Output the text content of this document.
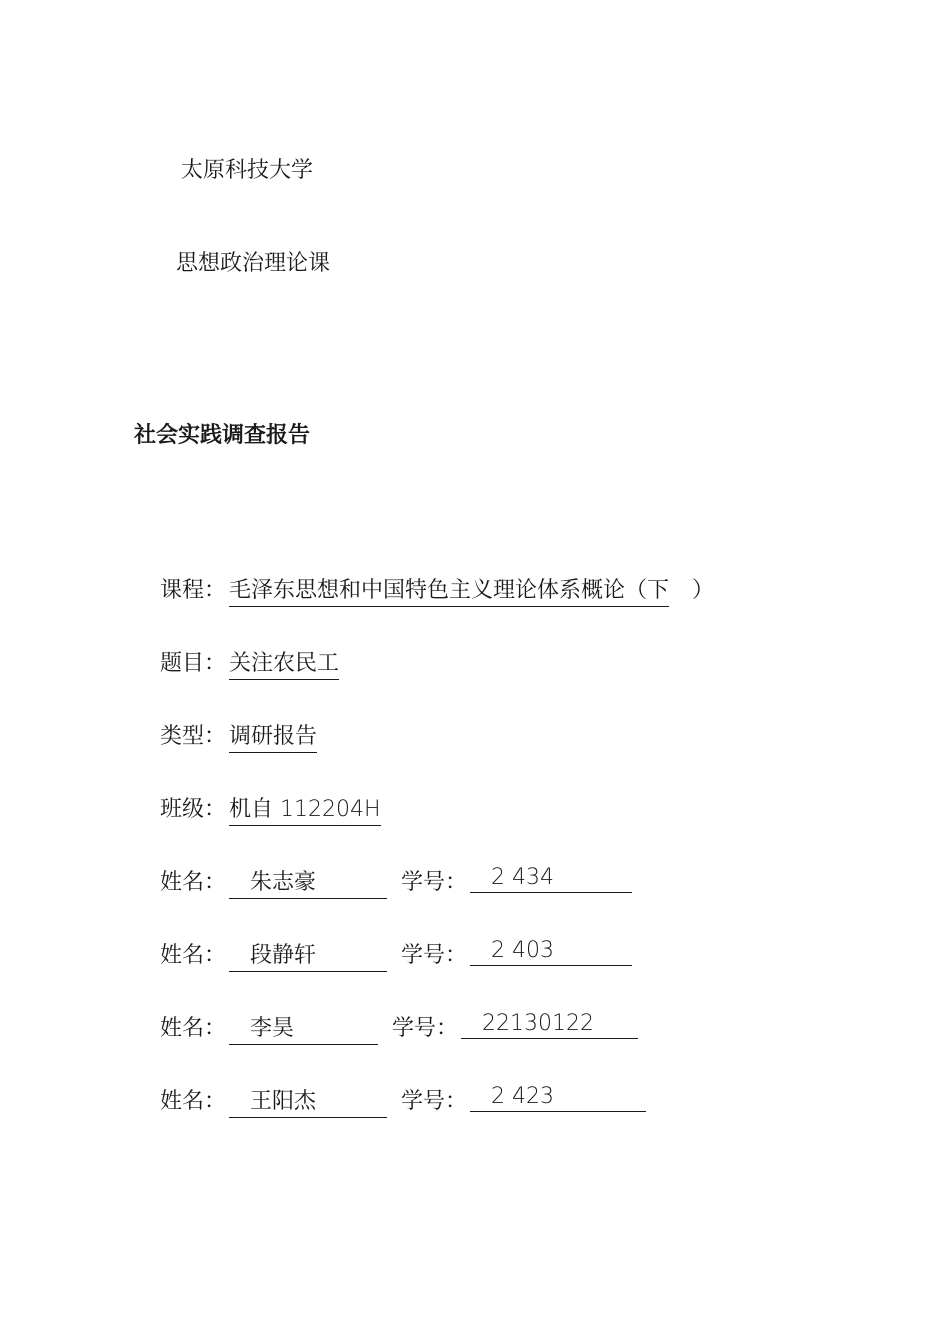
太原科技大学
思想政治理论课
社会实践调查报告
课程： 毛泽东思想和中国特色主义理论体系概论（下 ）
题目： 关注农民工
类型： 调研报告
班级： 机自 112204H
姓名：	朱志豪	学号：	2 434
姓名：	段静轩	学号：	2 403
姓名：	李昊	学号：	22130122
姓名：	王阳杰	学号：	2 423
